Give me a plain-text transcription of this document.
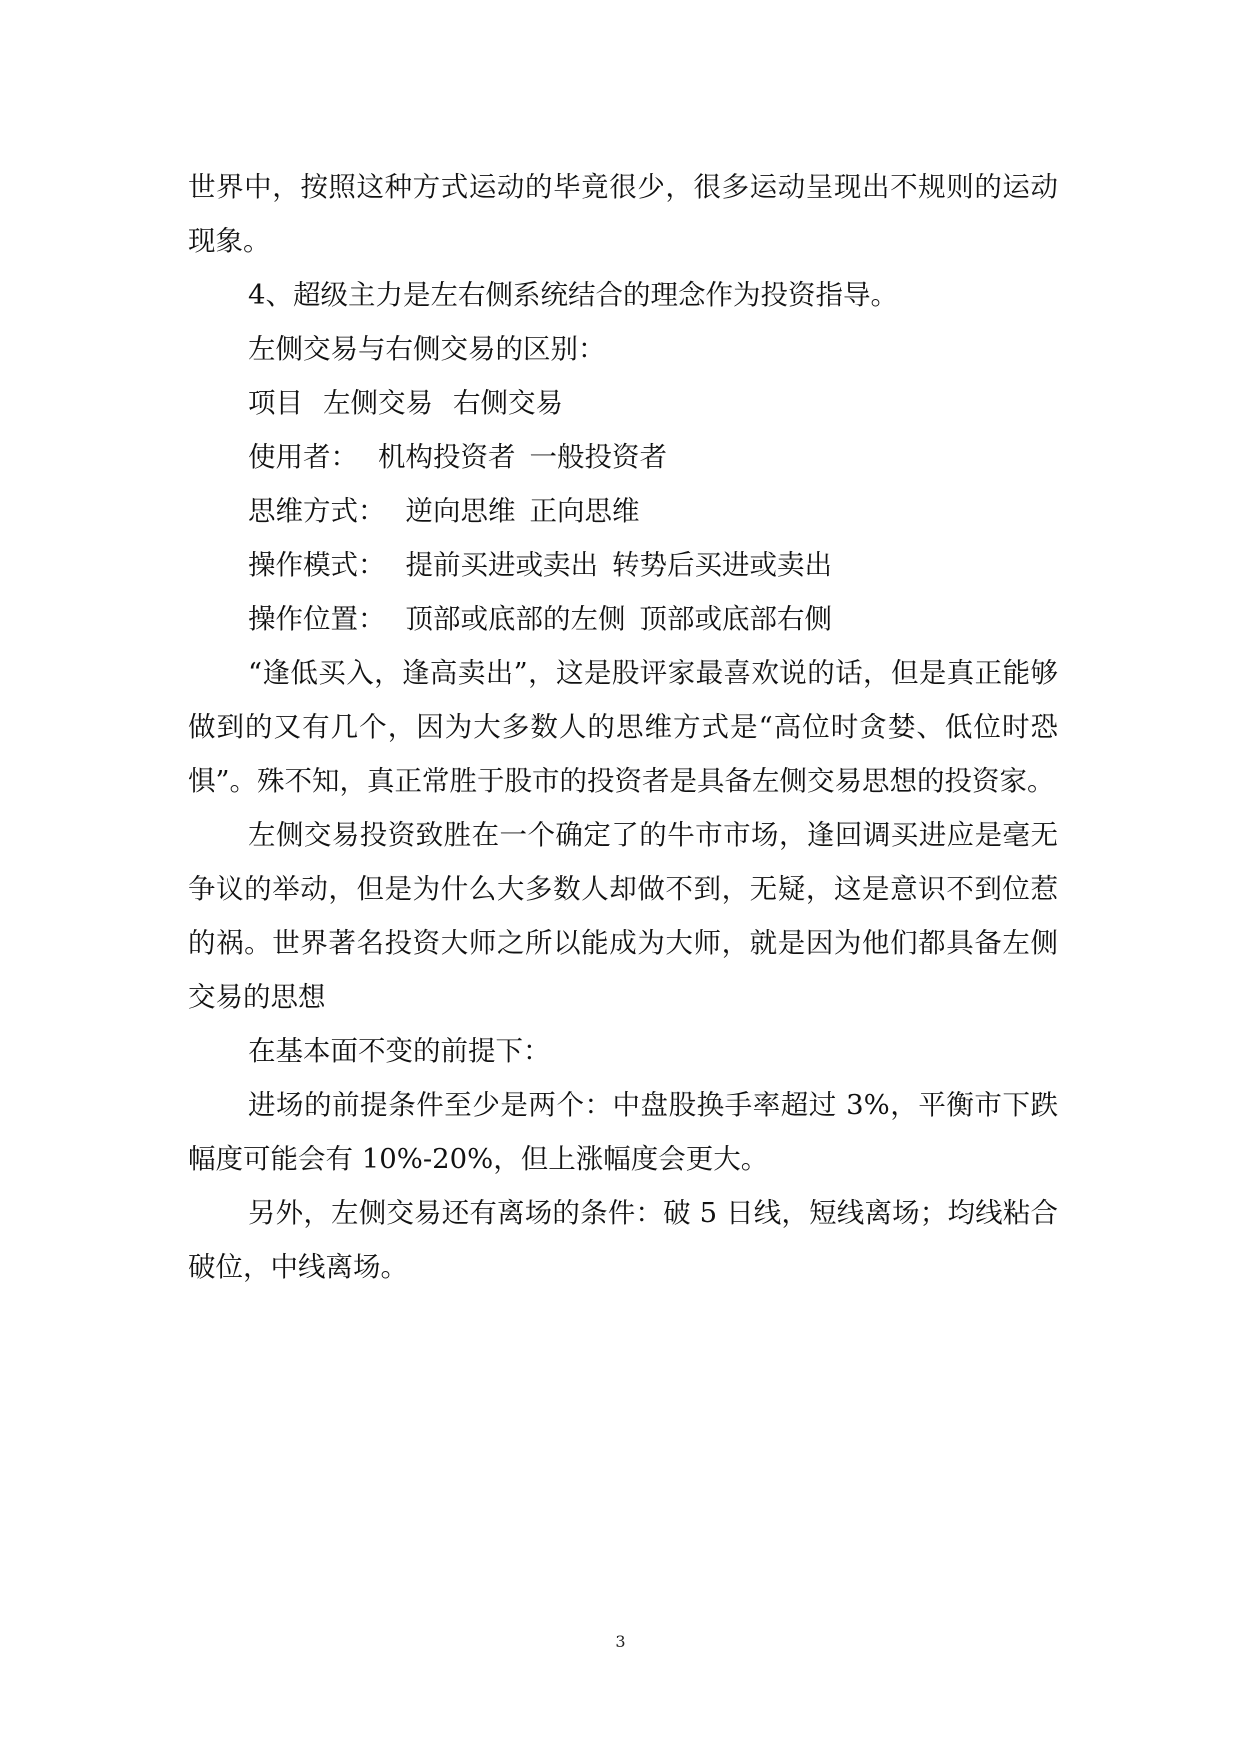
世界中，按照这种方式运动的毕竟很少，很多运动呈现出不规则的运动现象。

4、超级主力是左右侧系统结合的理念作为投资指导。

左侧交易与右侧交易的区别：

项目 左侧交易 右侧交易
使用者： 机构投资者 一般投资者
思维方式： 逆向思维 正向思维
操作模式： 提前买进或卖出 转势后买进或卖出
操作位置： 顶部或底部的左侧 顶部或底部右侧

“逢低买入，逢高卖出”，这是股评家最喜欢说的话，但是真正能够做到的又有几个，因为大多数人的思维方式是“高位时贪婪、低位时恐惧”。殊不知，真正常胜于股市的投资者是具备左侧交易思想的投资家。

左侧交易投资致胜在一个确定了的牛市市场，逢回调买进应是毫无争议的举动，但是为什么大多数人却做不到，无疑，这是意识不到位惹的祸。世界著名投资大师之所以能成为大师，就是因为他们都具备左侧交易的思想

在基本面不变的前提下：

进场的前提条件至少是两个：中盘股换手率超过 3%，平衡市下跌幅度可能会有 10%-20%，但上涨幅度会更大。

另外，左侧交易还有离场的条件：破 5 日线，短线离场；均线粘合破位，中线离场。

3
